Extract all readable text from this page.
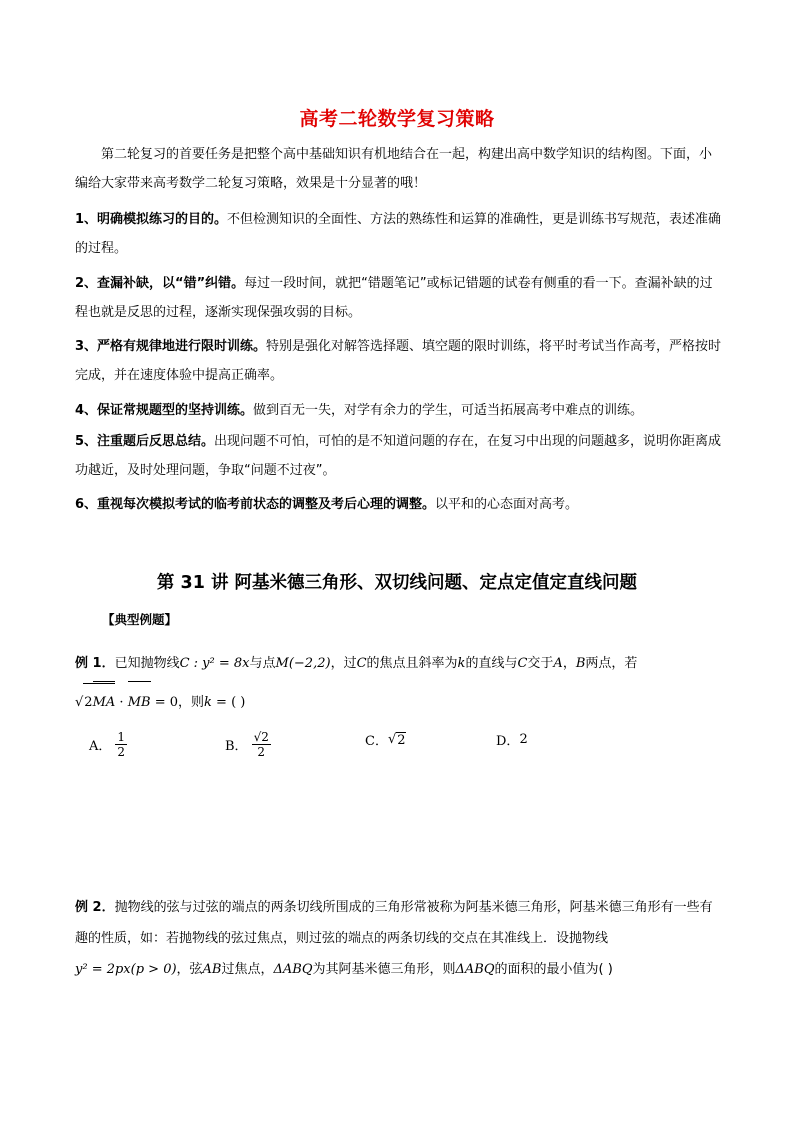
高考二轮数学复习策略
第二轮复习的首要任务是把整个高中基础知识有机地结合在一起，构建出高中数学知识的结构图。下面，小编给大家带来高考数学二轮复习策略，效果是十分显著的哦！
1、明确模拟练习的目的。不但检测知识的全面性、方法的熟练性和运算的准确性，更是训练书写规范，表述准确的过程。
2、查漏补缺，以“错”纠错。每过一段时间，就把“错题笔记”或标记错题的试卷有侧重的看一下。查漏补缺的过程也就是反思的过程，逐渐实现保强攻弱的目标。
3、严格有规律地进行限时训练。特别是强化对解答选择题、填空题的限时训练，将平时考试当作高考，严格按时完成，并在速度体验中提高正确率。
4、保证常规题型的坚持训练。做到百无一失，对学有余力的学生，可适当拓展高考中难点的训练。
5、注重题后反思总结。出现问题不可怕，可怕的是不知道问题的存在，在复习中出现的问题越多，说明你距离成功越近，及时处理问题，争取“问题不过夜”。
6、重视每次模拟考试的临考前状态的调整及考后心理的调整。以平和的心态面对高考。
第 31 讲 阿基米德三角形、双切线问题、定点定值定直线问题
【典型例题】
例 1．已知抛物线C : y² = 8x与点M(−2,2)，过C的焦点且斜率为k的直线与C交于A，B两点，若
√2MA · MB = 0，则k = ( )
A． $\frac{1}{2}$	B． $\frac{√2}{2}$	C． √ 2	D． 2
例 2．抛物线的弦与过弦的端点的两条切线所围成的三角形常被称为阿基米德三角形，阿基米德三角形有一些有趣的性质，如：若抛物线的弦过焦点，则过弦的端点的两条切线的交点在其准线上．设抛物线
y² = 2px(p > 0)，弦AB过焦点，ΔABQ为其阿基米德三角形，则ΔABQ的面积的最小值为( )
